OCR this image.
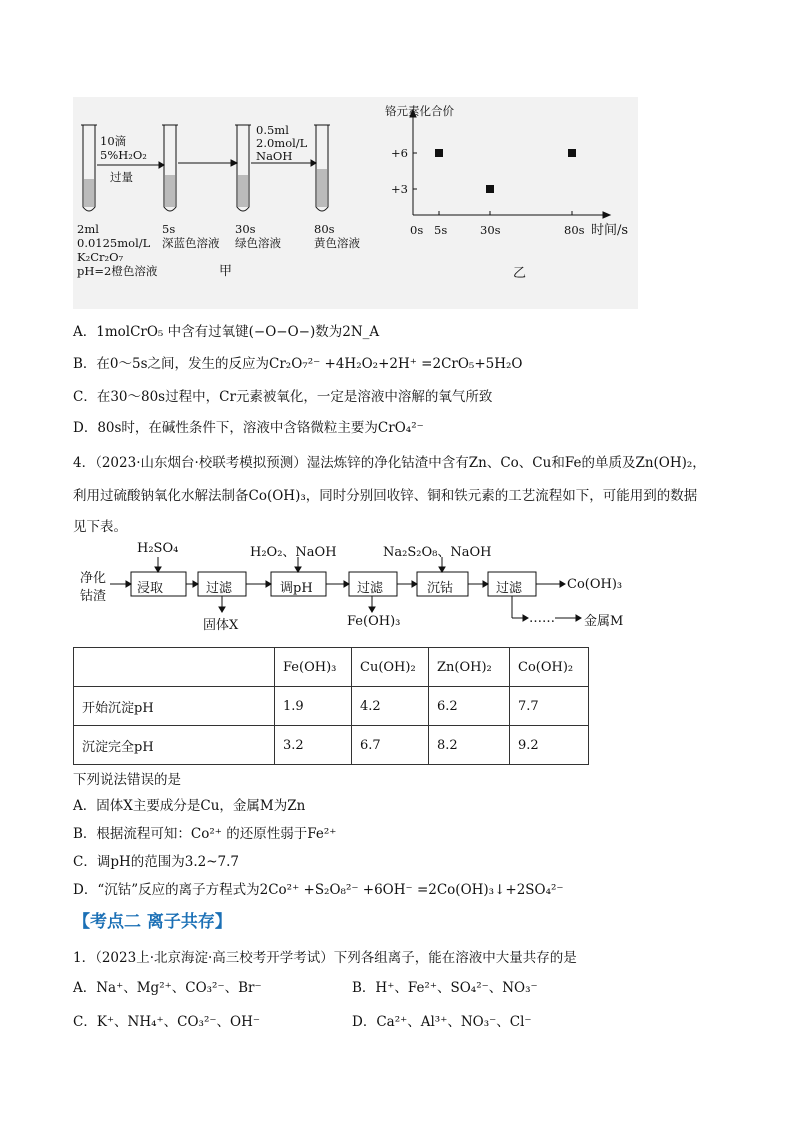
10滴
5%H₂O₂
过量
0.5ml
2.0mol/L
NaOH
2ml
0.0125mol/L
K₂Cr₂O₇
pH=2橙色溶液
5s
深蓝色溶液
30s
绿色溶液
80s
黄色溶液
甲
铬元素化合价
+6
+3
0s 5s	30s	80s 时间/s
乙
A．1molCrO₅ 中含有过氧键(−O−O−)数为2N_A
B．在0～5s之间，发生的反应为Cr₂O₇²⁻ +4H₂O₂+2H⁺ =2CrO₅+5H₂O
C．在30～80s过程中，Cr元素被氧化，一定是溶液中溶解的氧气所致
D．80s时，在碱性条件下，溶液中含铬微粒主要为CrO₄²⁻
4．（2023·山东烟台·校联考模拟预测）湿法炼锌的净化钴渣中含有Zn、Co、Cu和Fe的单质及Zn(OH)₂，
利用过硫酸钠氧化水解法制备Co(OH)₃，同时分别回收锌、铜和铁元素的工艺流程如下，可能用到的数据
见下表。
净化
钴渣
浸取	过滤	调pH	过滤	沉钴	过滤
H₂SO₄	H₂O₂、NaOH	Na₂S₂O₈、NaOH
固体X	Fe(OH)₃
Co(OH)₃
…… 金属M
	Fe(OH)₃	Cu(OH)₂	Zn(OH)₂	Co(OH)₂
开始沉淀pH	1.9	4.2	6.2	7.7
沉淀完全pH	3.2	6.7	8.2	9.2
下列说法错误的是
A．固体X主要成分是Cu，金属M为Zn
B．根据流程可知：Co²⁺ 的还原性弱于Fe²⁺
C．调pH的范围为3.2~7.7
D．“沉钴”反应的离子方程式为2Co²⁺ +S₂O₈²⁻ +6OH⁻ =2Co(OH)₃↓+2SO₄²⁻
【考点二 离子共存】
1．（2023上·北京海淀·高三校考开学考试）下列各组离子，能在溶液中大量共存的是
A．Na⁺、Mg²⁺、CO₃²⁻、Br⁻	B．H⁺、Fe²⁺、SO₄²⁻、NO₃⁻
C．K⁺、NH₄⁺、CO₃²⁻、OH⁻	D．Ca²⁺、Al³⁺、NO₃⁻、Cl⁻
